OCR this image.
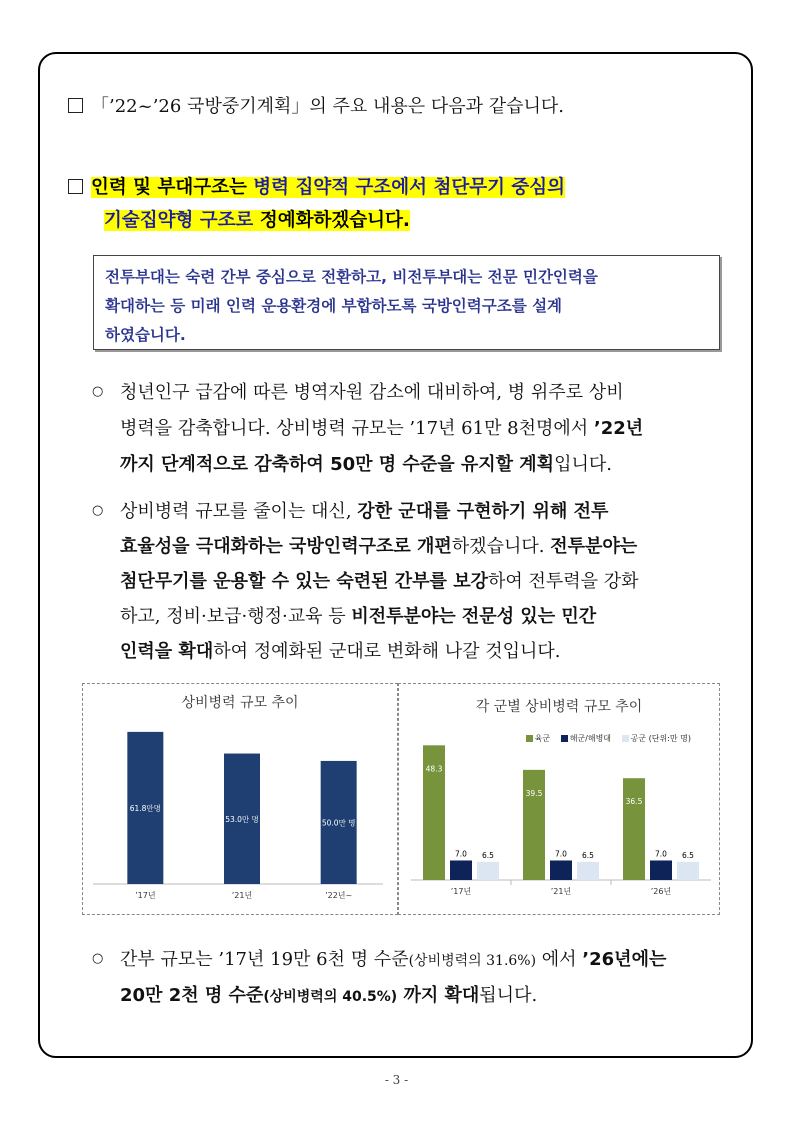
「’22~’26 국방중기계획」의 주요 내용은 다음과 같습니다.
인력 및 부대구조는 병력 집약적 구조에서 첨단무기 중심의
기술집약형 구조로 정예화하겠습니다.
전투부대는 숙련 간부 중심으로 전환하고, 비전투부대는 전문 민간인력을
확대하는 등 미래 인력 운용환경에 부합하도록 국방인력구조를 설계
하였습니다.
○ 청년인구 급감에 따른 병역자원 감소에 대비하여, 병 위주로 상비
병력을 감축합니다. 상비병력 규모는 ’17년 61만 8천명에서 ’22년
까지 단계적으로 감축하여 50만 명 수준을 유지할 계획입니다.
○ 상비병력 규모를 줄이는 대신, 강한 군대를 구현하기 위해 전투
효율성을 극대화하는 국방인력구조로 개편하겠습니다. 전투분야는
첨단무기를 운용할 수 있는 숙련된 간부를 보강하여 전투력을 강화
하고, 정비·보급·행정·교육 등 비전투분야는 전문성 있는 민간
인력을 확대하여 정예화된 군대로 변화해 나갈 것입니다.
상비병력 규모 추이
61.8만명
’17년
53.0만 명
’21년
50.0만 명
’22년~
각 군별 상비병력 규모 추이
육군 해군/해병대 공군 (단위:만 명)
48.3
7.0 6.5
’17년
39.5
7.0 6.5
’21년
36.5
7.0 6.5
’26년
○ 간부 규모는 ’17년 19만 6천 명 수준(상비병력의 31.6%) 에서 ’26년에는
20만 2천 명 수준(상비병력의 40.5%) 까지 확대됩니다.
- 3 -
